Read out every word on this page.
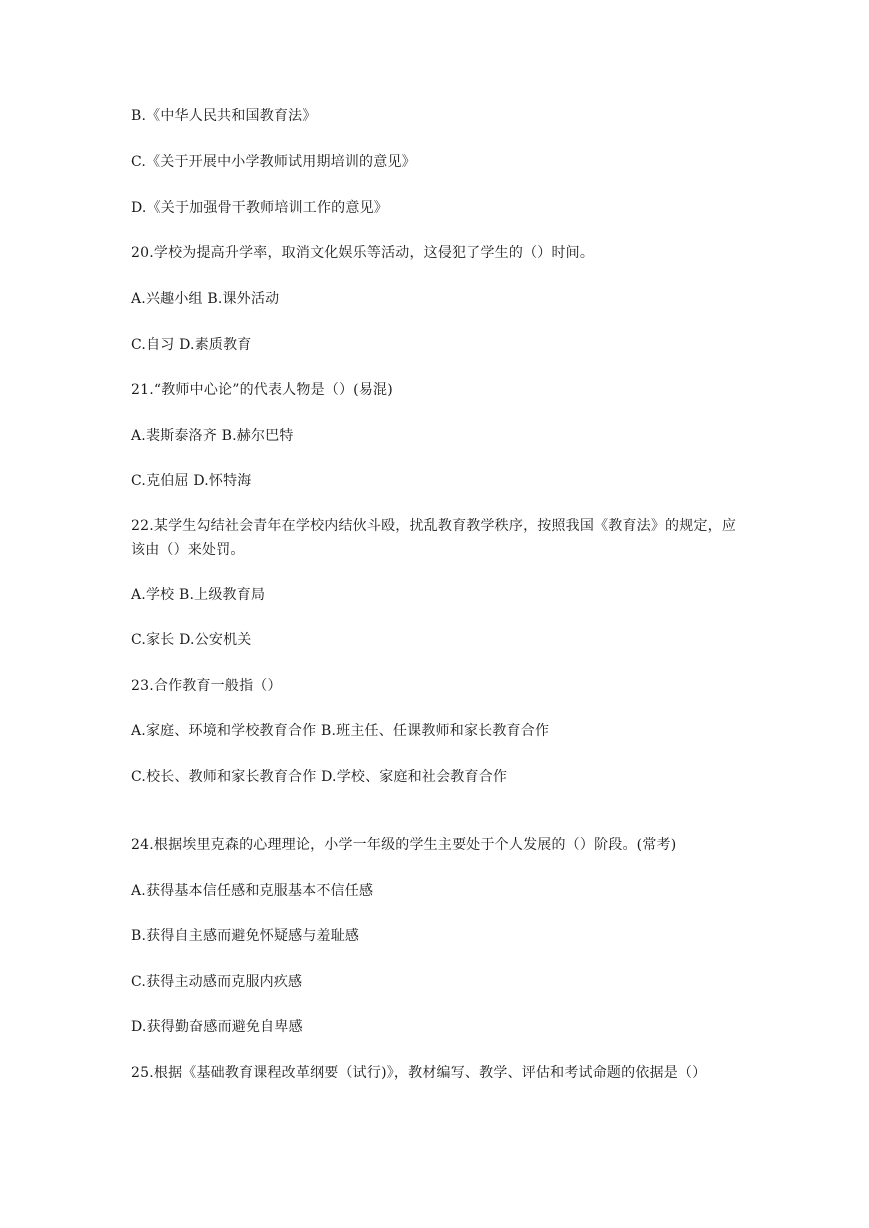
B.《中华人民共和国教育法》
C.《关于开展中小学教师试用期培训的意见》
D.《关于加强骨干教师培训工作的意见》
20.学校为提高升学率，取消文化娱乐等活动，这侵犯了学生的（）时间。
A.兴趣小组 B.课外活动
C.自习 D.素质教育
21.“教师中心论”的代表人物是（）(易混)
A.裴斯泰洛齐 B.赫尔巴特
C.克伯屈 D.怀特海
22.某学生勾结社会青年在学校内结伙斗殴，扰乱教育教学秩序，按照我国《教育法》的规定，应该由（）来处罚。
A.学校 B.上级教育局
C.家长 D.公安机关
23.合作教育一般指（）
A.家庭、环境和学校教育合作 B.班主任、任课教师和家长教育合作
C.校长、教师和家长教育合作 D.学校、家庭和社会教育合作
24.根据埃里克森的心理理论，小学一年级的学生主要处于个人发展的（）阶段。(常考)
A.获得基本信任感和克服基本不信任感
B.获得自主感而避免怀疑感与羞耻感
C.获得主动感而克服内疚感
D.获得勤奋感而避免自卑感
25.根据《基础教育课程改革纲要（试行)》，教材编写、教学、评估和考试命题的依据是（）
